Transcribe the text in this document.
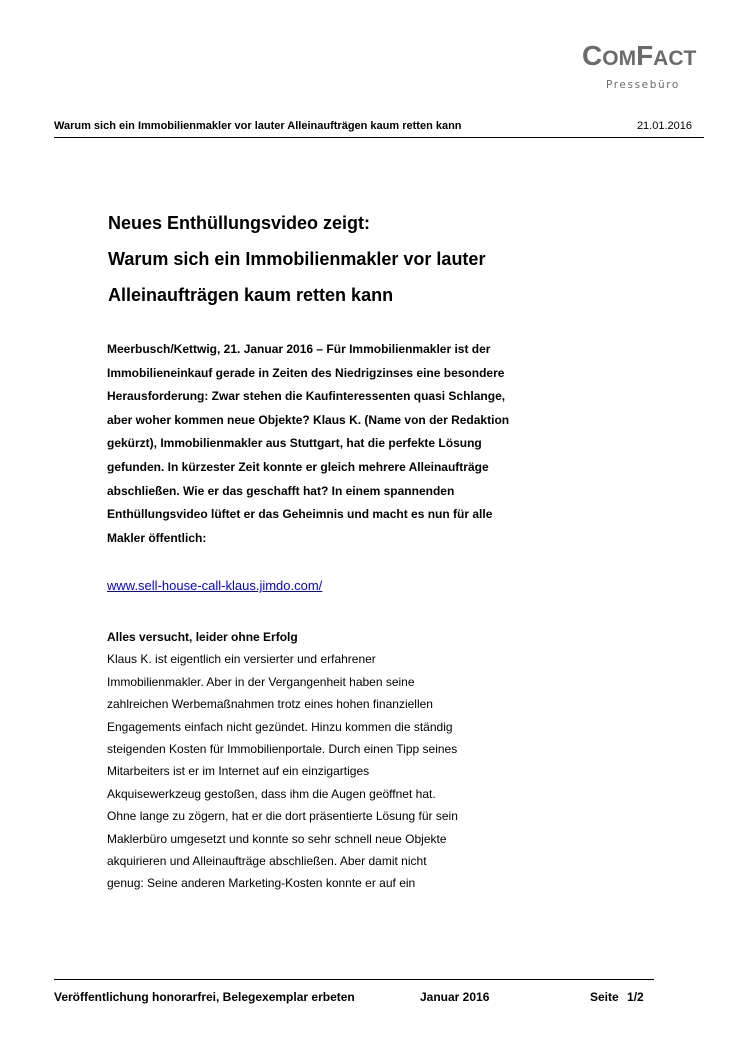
COMFACT
Pressebüro
Warum sich ein Immobilienmakler vor lauter Alleinaufträgen kaum retten kann	21.01.2016
Neues Enthüllungsvideo zeigt:
Warum sich ein Immobilienmakler vor lauter
Alleinaufträgen kaum retten kann
Meerbusch/Kettwig, 21. Januar 2016 – Für Immobilienmakler ist der
Immobilieneinkauf gerade in Zeiten des Niedrigzinses eine besondere
Herausforderung: Zwar stehen die Kaufinteressenten quasi Schlange,
aber woher kommen neue Objekte? Klaus K. (Name von der Redaktion
gekürzt), Immobilienmakler aus Stuttgart, hat die perfekte Lösung
gefunden. In kürzester Zeit konnte er gleich mehrere Alleinaufträge
abschließen. Wie er das geschafft hat? In einem spannenden
Enthüllungsvideo lüftet er das Geheimnis und macht es nun für alle
Makler öffentlich:
www.sell-house-call-klaus.jimdo.com/
Alles versucht, leider ohne Erfolg
Klaus K. ist eigentlich ein versierter und erfahrener
Immobilienmakler. Aber in der Vergangenheit haben seine
zahlreichen Werbemaßnahmen trotz eines hohen finanziellen
Engagements einfach nicht gezündet. Hinzu kommen die ständig
steigenden Kosten für Immobilienportale. Durch einen Tipp seines
Mitarbeiters ist er im Internet auf ein einzigartiges
Akquisewerkzeug gestoßen, dass ihm die Augen geöffnet hat.
Ohne lange zu zögern, hat er die dort präsentierte Lösung für sein
Maklerbüro umgesetzt und konnte so sehr schnell neue Objekte
akquirieren und Alleinaufträge abschließen. Aber damit nicht
genug: Seine anderen Marketing-Kosten konnte er auf ein
Veröffentlichung honorarfrei, Belegexemplar erbeten	Januar 2016	Seite 1/2
